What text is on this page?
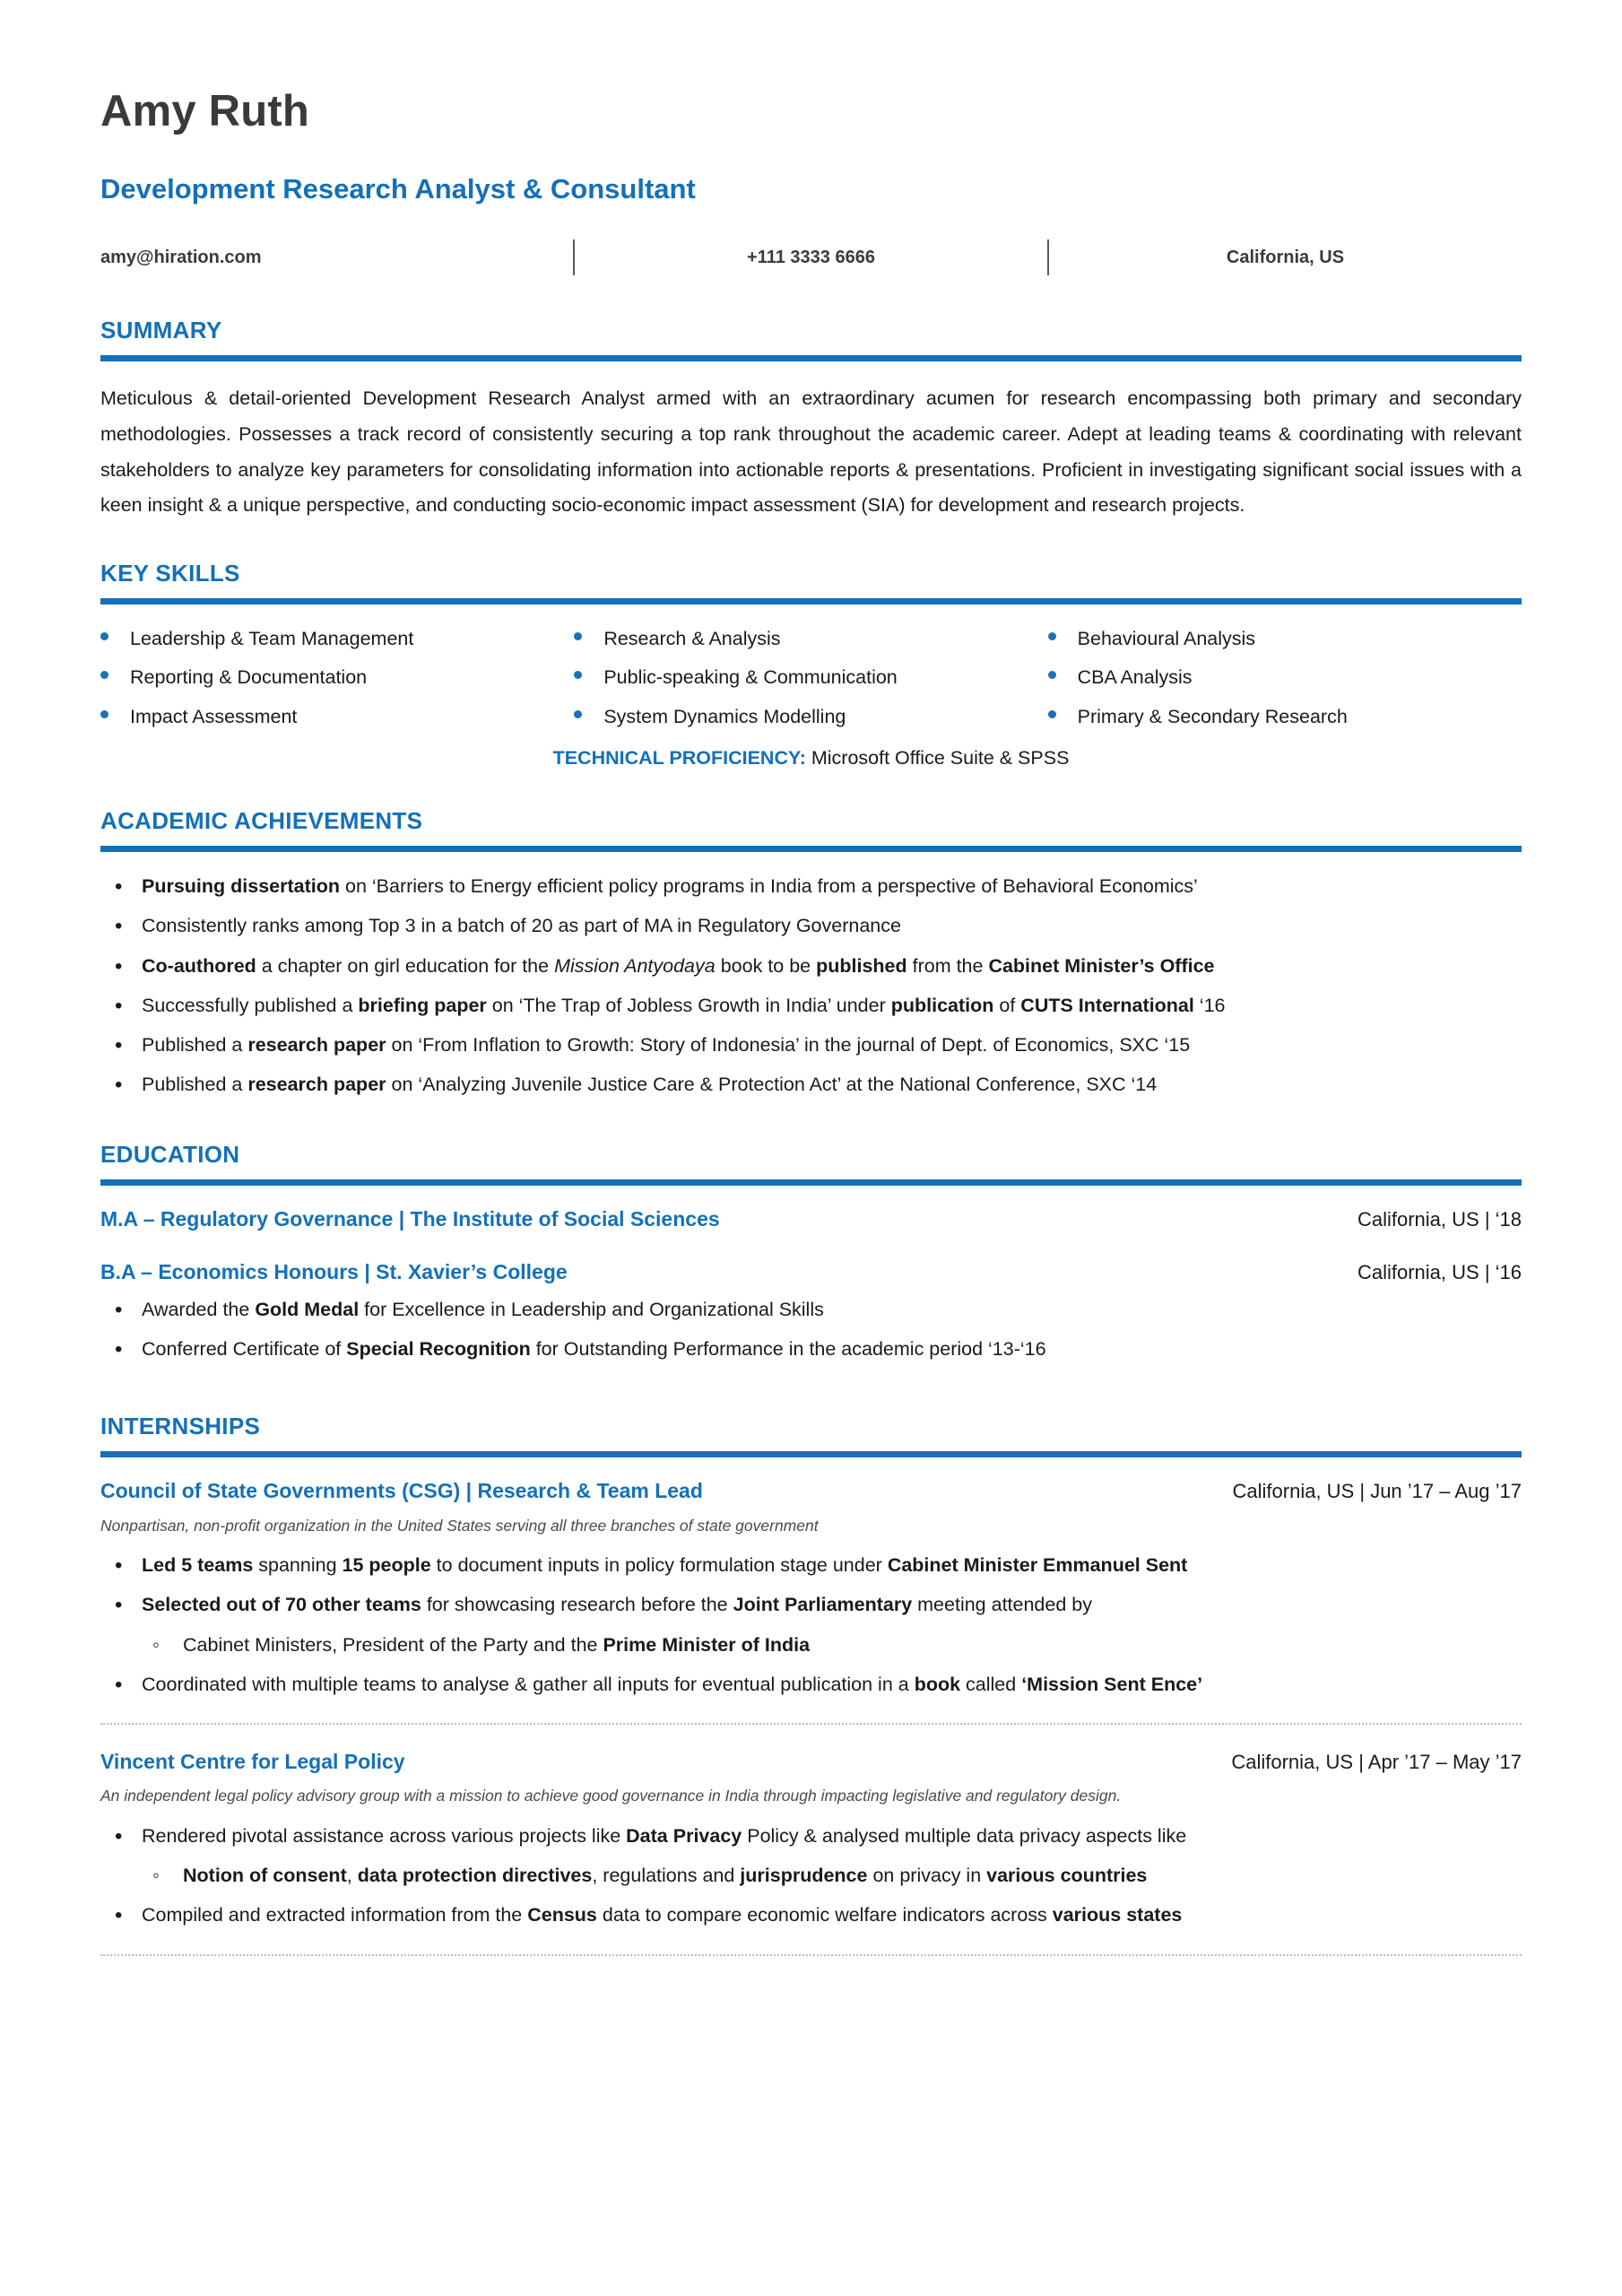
Amy Ruth
Development Research Analyst & Consultant
amy@hiration.com	+111 3333 6666	California, US
SUMMARY

Meticulous & detail-oriented Development Research Analyst armed with an extraordinary acumen for research encompassing both primary and secondary methodologies. Possesses a track record of consistently securing a top rank throughout the academic career. Adept at leading teams & coordinating with relevant stakeholders to analyze key parameters for consolidating information into actionable reports & presentations. Proficient in investigating significant social issues with a keen insight & a unique perspective, and conducting socio-economic impact assessment (SIA) for development and research projects.

KEY SKILLS
Leadership & Team Management	Research & Analysis	Behavioural Analysis
Reporting & Documentation	Public-speaking & Communication	CBA Analysis
Impact Assessment	System Dynamics Modelling	Primary & Secondary Research
TECHNICAL PROFICIENCY: Microsoft Office Suite & SPSS
ACADEMIC ACHIEVEMENTS
• Pursuing dissertation on ‘Barriers to Energy efficient policy programs in India from a perspective of Behavioral Economics’
• Consistently ranks among Top 3 in a batch of 20 as part of MA in Regulatory Governance
• Co-authored a chapter on girl education for the Mission Antyodaya book to be published from the Cabinet Minister’s Office
• Successfully published a briefing paper on ‘The Trap of Jobless Growth in India’ under publication of CUTS International ‘16
• Published a research paper on ‘From Inflation to Growth: Story of Indonesia’ in the journal of Dept. of Economics, SXC ‘15
• Published a research paper on ‘Analyzing Juvenile Justice Care & Protection Act’ at the National Conference, SXC ‘14
EDUCATION
M.A – Regulatory Governance | The Institute of Social Sciences	California, US | ‘18
B.A – Economics Honours | St. Xavier’s College	California, US | ‘16
• Awarded the Gold Medal for Excellence in Leadership and Organizational Skills
• Conferred Certificate of Special Recognition for Outstanding Performance in the academic period ‘13-‘16
INTERNSHIPS
Council of State Governments (CSG) | Research & Team Lead	California, US | Jun ’17 – Aug ’17
Nonpartisan, non-profit organization in the United States serving all three branches of state government
• Led 5 teams spanning 15 people to document inputs in policy formulation stage under Cabinet Minister Emmanuel Sent
• Selected out of 70 other teams for showcasing research before the Joint Parliamentary meeting attended by
◦ Cabinet Ministers, President of the Party and the Prime Minister of India
• Coordinated with multiple teams to analyse & gather all inputs for eventual publication in a book called ‘Mission Sent Ence’
Vincent Centre for Legal Policy	California, US | Apr ’17 – May ’17
An independent legal policy advisory group with a mission to achieve good governance in India through impacting legislative and regulatory design.
• Rendered pivotal assistance across various projects like Data Privacy Policy & analysed multiple data privacy aspects like
◦ Notion of consent, data protection directives, regulations and jurisprudence on privacy in various countries
• Compiled and extracted information from the Census data to compare economic welfare indicators across various states
